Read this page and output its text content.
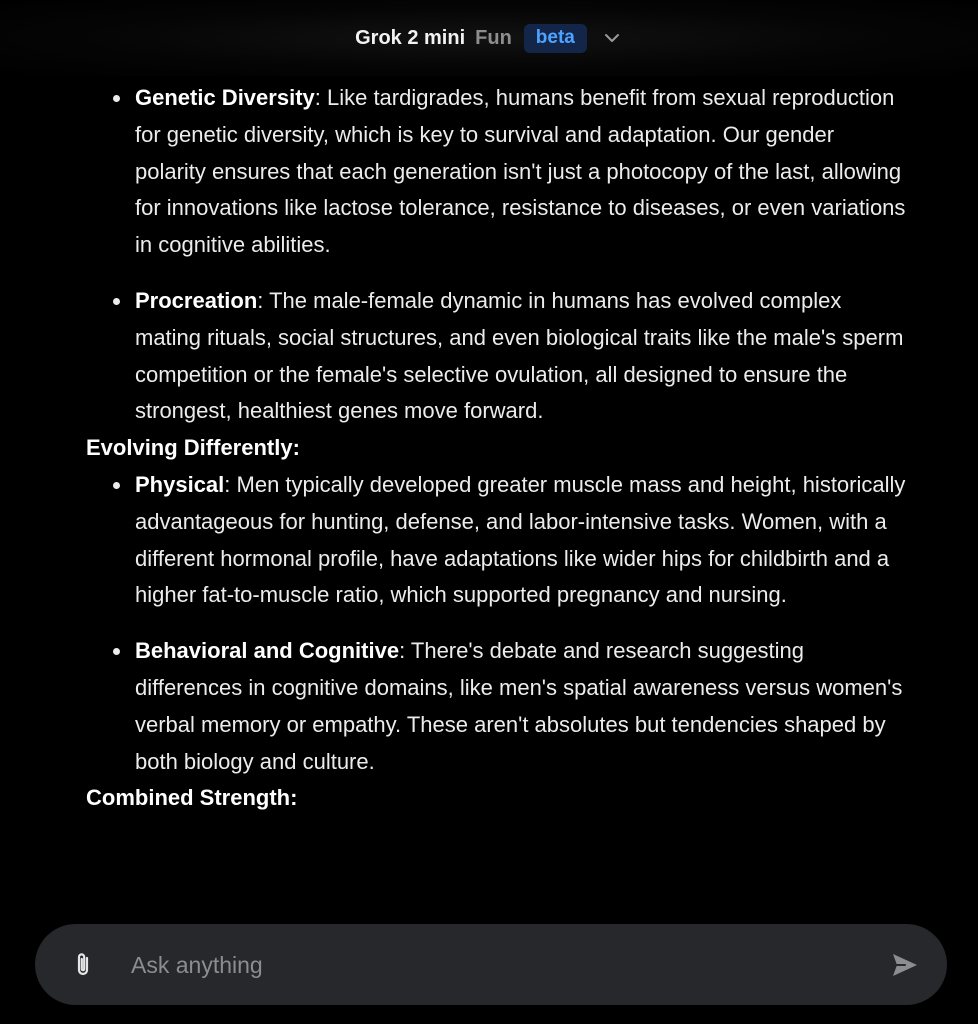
Grok 2 mini Fun	beta
Genetic Diversity: Like tardigrades, humans benefit from sexual reproduction for genetic diversity, which is key to survival and adaptation. Our gender polarity ensures that each generation isn't just a photocopy of the last, allowing for innovations like lactose tolerance, resistance to diseases, or even variations in cognitive abilities.
Procreation: The male-female dynamic in humans has evolved complex mating rituals, social structures, and even biological traits like the male's sperm competition or the female's selective ovulation, all designed to ensure the strongest, healthiest genes move forward.

Evolving Differently:

Physical: Men typically developed greater muscle mass and height, historically advantageous for hunting, defense, and labor-intensive tasks. Women, with a different hormonal profile, have adaptations like wider hips for childbirth and a higher fat-to-muscle ratio, which supported pregnancy and nursing.
Behavioral and Cognitive: There's debate and research suggesting differences in cognitive domains, like men's spatial awareness versus women's verbal memory or empathy. These aren't absolutes but tendencies shaped by both biology and culture.

Combined Strength:

Ask anything
